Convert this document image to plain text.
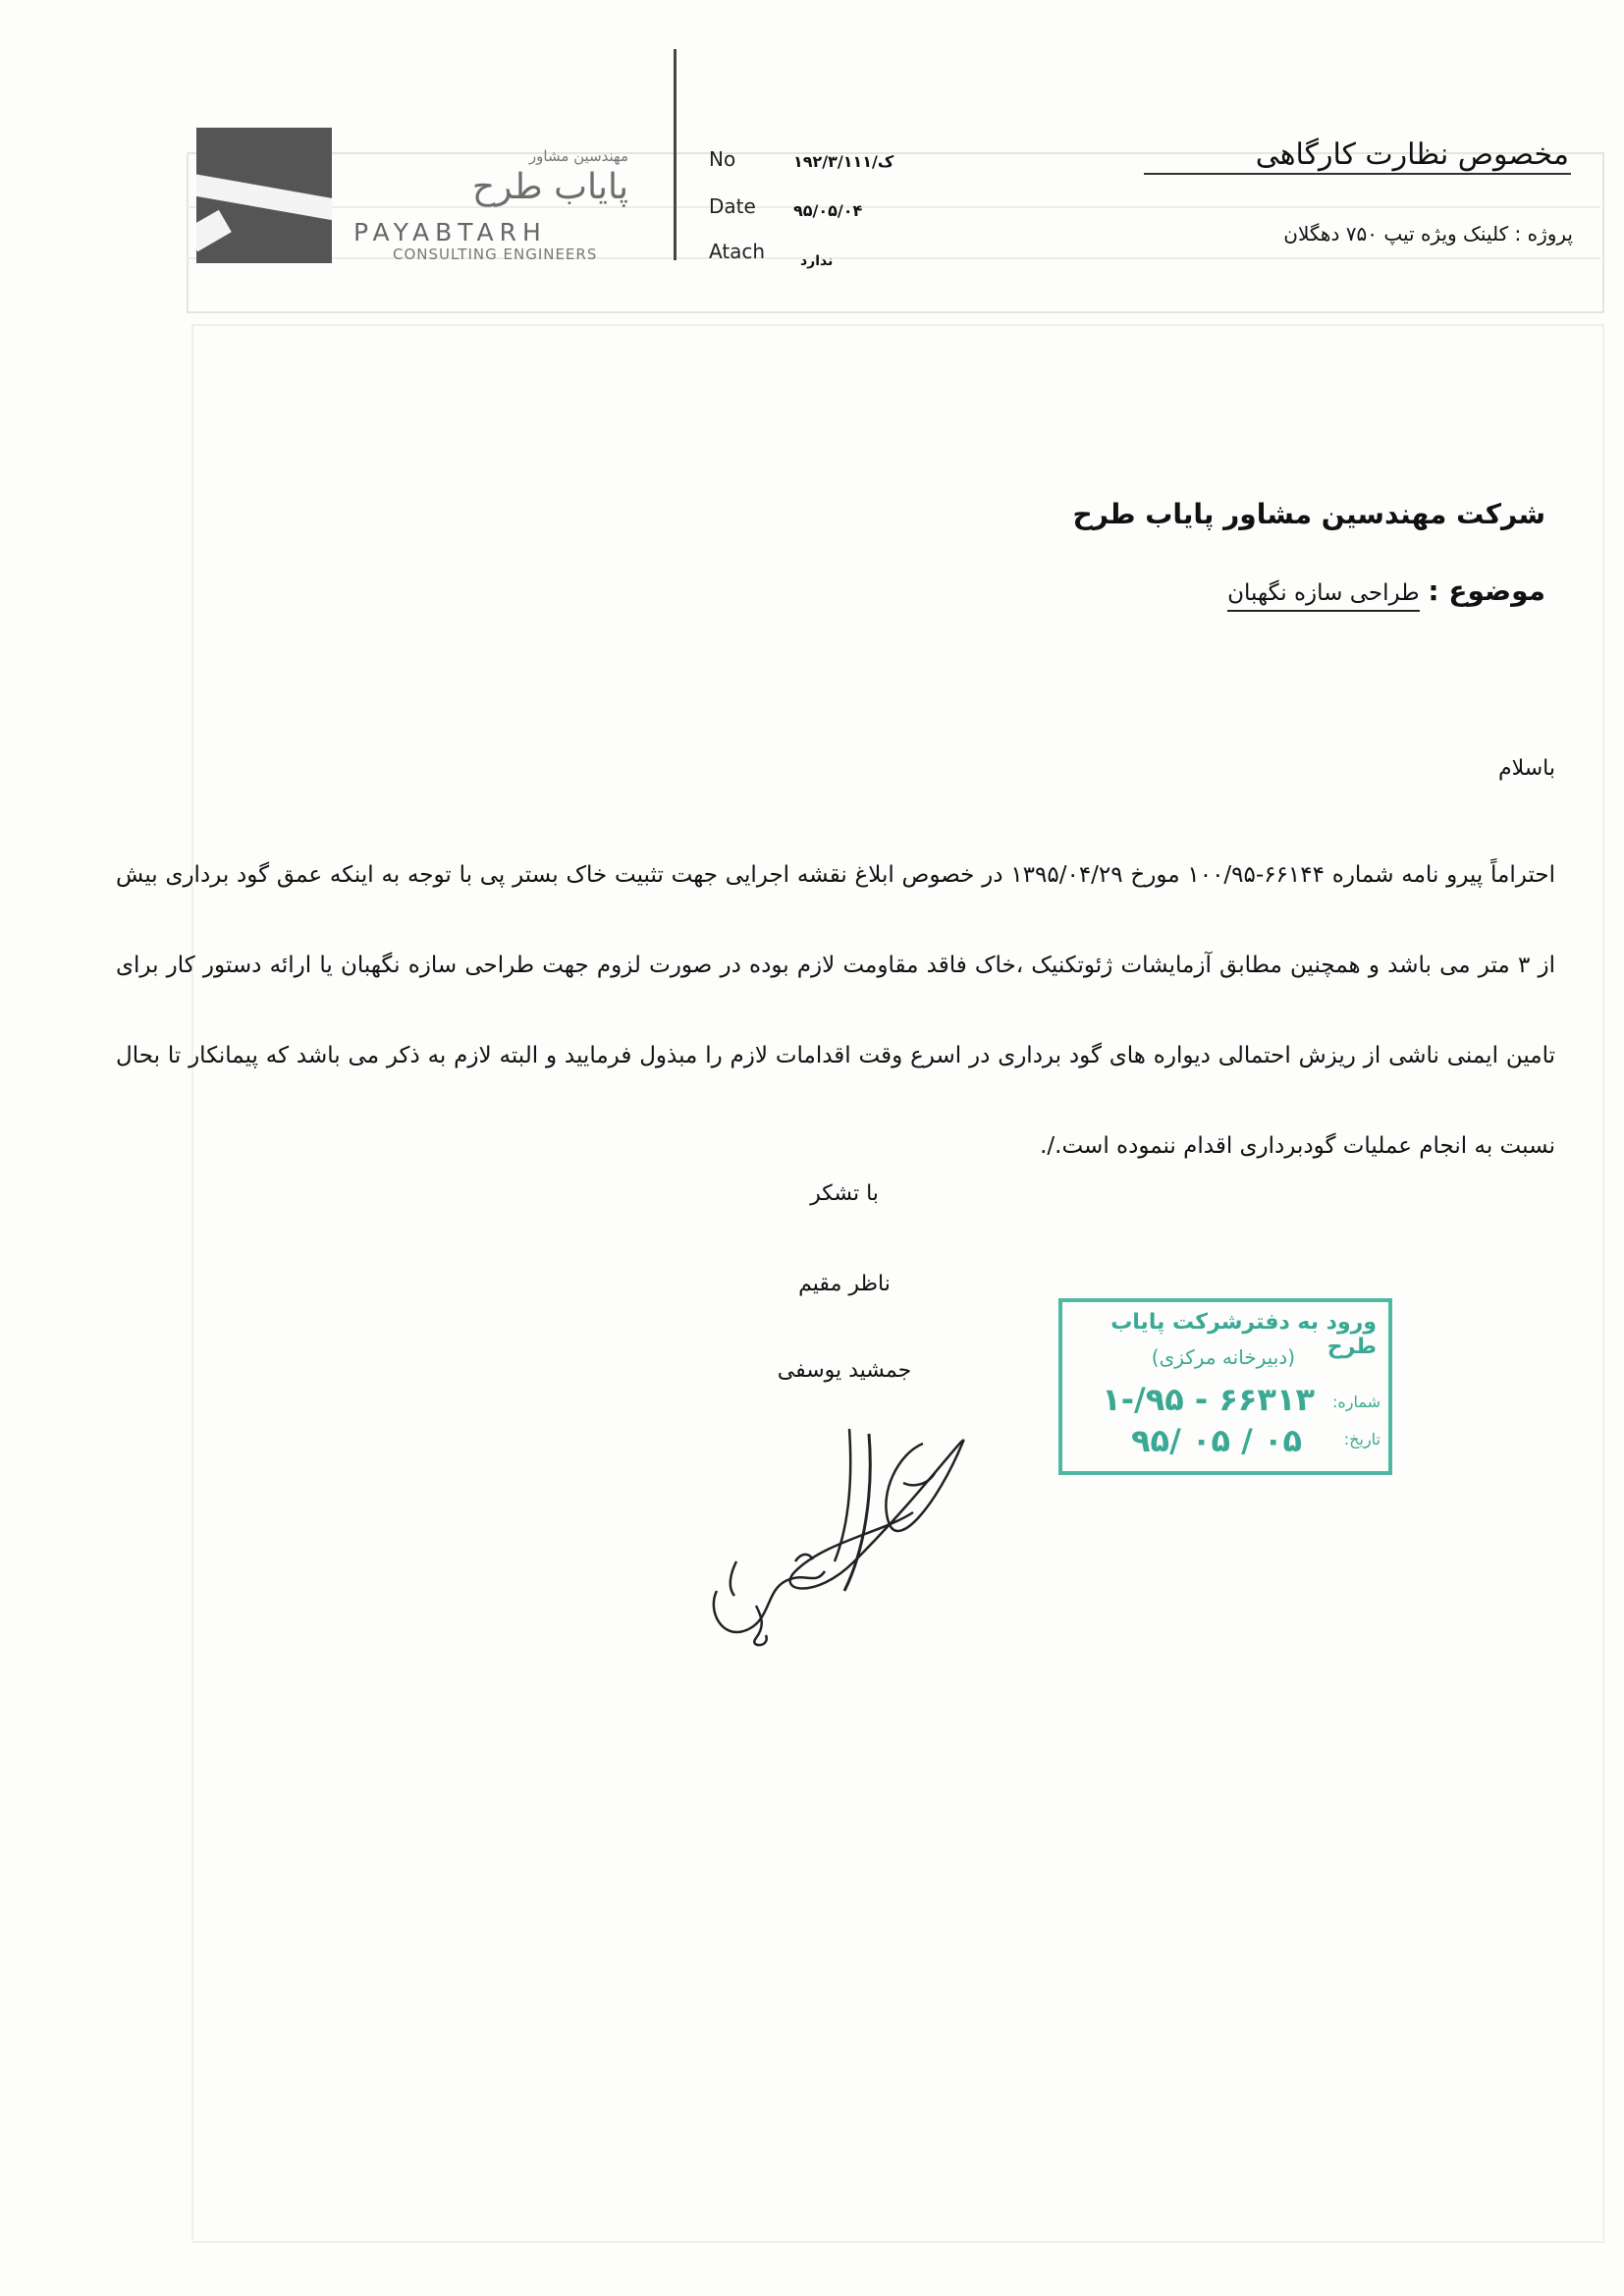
مهندسین مشاور
پایاب طرح
PAYABTARH
CONSULTING ENGINEERS
No	۱۹۲/۳/ک/۱۱۱
Date ۹۵/۰۵/۰۴
Atach	ندارد
مخصوص نظارت کارگاهی
پروژه : کلینک ویژه تیپ ۷۵۰ دهگلان
شرکت مهندسین مشاور پایاب طرح
موضوع : طراحی سازه نگهبان
باسلام

احتراماً پیرو نامه شماره ۶۶۱۴۴-۱۰۰/۹۵ مورخ ۱۳۹۵/۰۴/۲۹ در خصوص ابلاغ نقشه اجرایی جهت تثبیت خاک بستر پی با توجه به اینکه عمق گود برداری بیش از ۳ متر می باشد و همچنین مطابق آزمایشات ژئوتکنیک ،خاک فاقد مقاومت لازم بوده در صورت لزوم جهت طراحی سازه نگهبان یا ارائه دستور کار برای تامین ایمنی ناشی از ریزش احتمالی دیواره های گود برداری در اسرع وقت اقدامات لازم را مبذول فرمایید و البته لازم به ذکر می باشد که پیمانکار تا بحال نسبت به انجام عملیات گودبرداری اقدام ننموده است./.

با تشکر
ناظر مقیم
جمشید یوسفی
ورود به دفترشرکت پایاب طرح
(دبیرخانه مرکزی)
شماره:
۱-/۹۵ - ۶۶۳۱۳
تاریخ:
۹۵/ ۰۵ / ۰۵
